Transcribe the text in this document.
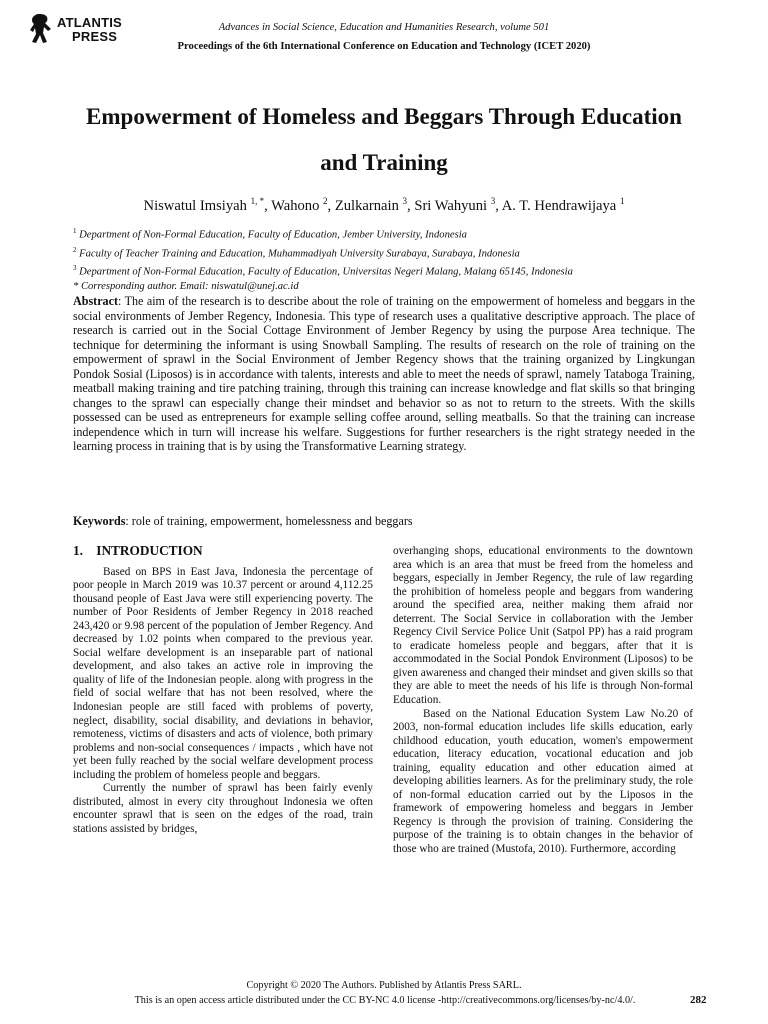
ATLANTIS
PRESS
Advances in Social Science, Education and Humanities Research, volume 501
Proceedings of the 6th International Conference on Education and Technology (ICET 2020)
Empowerment of Homeless and Beggars Through Education and Training
Niswatul Imsiyah $^{1, *}$, Wahono $^2$, Zulkarnain $^3$, Sri Wahyuni $^3$, A. T. Hendrawijaya $^1$
$^1$ Department of Non-Formal Education, Faculty of Education, Jember University, Indonesia
$^2$ Faculty of Teacher Training and Education, Muhammadiyah University Surabaya, Surabaya, Indonesia
$^3$ Department of Non-Formal Education, Faculty of Education, Universitas Negeri Malang, Malang 65145, Indonesia
* Corresponding author. Email: niswatul@unej.ac.id
Abstract: The aim of the research is to describe about the role of training on the empowerment of homeless and beggars in the social environments of Jember Regency, Indonesia. This type of research uses a qualitative descriptive approach. The place of research is carried out in the Social Cottage Environment of Jember Regency by using the purpose Area technique. The technique for determining the informant is using Snowball Sampling. The results of research on the role of training on the empowerment of sprawl in the Social Environment of Jember Regency shows that the training organized by Lingkungan Pondok Sosial (Liposos) is in accordance with talents, interests and able to meet the needs of sprawl, namely Tataboga Training, meatball making training and tire patching training, through this training can increase knowledge and flat skills so that bringing changes to the sprawl can especially change their mindset and behavior so as not to return to the streets. With the skills possessed can be used as entrepreneurs for example selling coffee around, selling meatballs. So that the training can increase independence which in turn will increase his welfare. Suggestions for further researchers is the right strategy needed in the learning process in training that is by using the Transformative Learning strategy.
Keywords: role of training, empowerment, homelessness and beggars
1.    INTRODUCTION

Based on BPS in East Java, Indonesia the percentage of poor people in March 2019 was 10.37 percent or around 4,112.25 thousand people of East Java were still experiencing poverty. The number of Poor Residents of Jember Regency in 2018 reached 243,420 or 9.98 percent of the population of Jember Regency. And decreased by 1.02 points when compared to the previous year. Social welfare development is an inseparable part of national development, and also takes an active role in improving the quality of life of the Indonesian people. along with progress in the field of social welfare that has not been resolved, where the Indonesian people are still faced with problems of poverty, neglect, disability, social disability, and deviations in behavior, remoteness, victims of disasters and acts of violence, both primary problems and non-social consequences / impacts , which have not yet been fully reached by the social welfare development process including the problem of homeless people and beggars.

Currently the number of sprawl has been fairly evenly distributed, almost in every city throughout Indonesia we often encounter sprawl that is seen on the edges of the road, train stations assisted by bridges,

overhanging shops, educational environments to the downtown area which is an area that must be freed from the homeless and beggars, especially in Jember Regency, the rule of law regarding the prohibition of homeless people and beggars from wandering around the specified area, neither making them afraid nor deterrent. The Social Service in collaboration with the Jember Regency Civil Service Police Unit (Satpol PP) has a raid program to eradicate homeless people and beggars, after that it is accommodated in the Social Pondok Environment (Liposos) to be given awareness and changed their mindset and given skills so that they are able to meet the needs of his life is through Non-formal Education.

Based on the National Education System Law No.20 of 2003, non-formal education includes life skills education, early childhood education, youth education, women's empowerment education, literacy education, vocational education and job training, equality education and other education aimed at developing abilities learners. As for the preliminary study, the role of non-formal education carried out by the Liposos in the framework of empowering homeless and beggars in Jember Regency is through the provision of training. Considering the purpose of the training is to obtain changes in the behavior of those who are trained (Mustofa, 2010). Furthermore, according

Copyright © 2020 The Authors. Published by Atlantis Press SARL.
This is an open access article distributed under the CC BY-NC 4.0 license -http://creativecommons.org/licenses/by-nc/4.0/.	282
